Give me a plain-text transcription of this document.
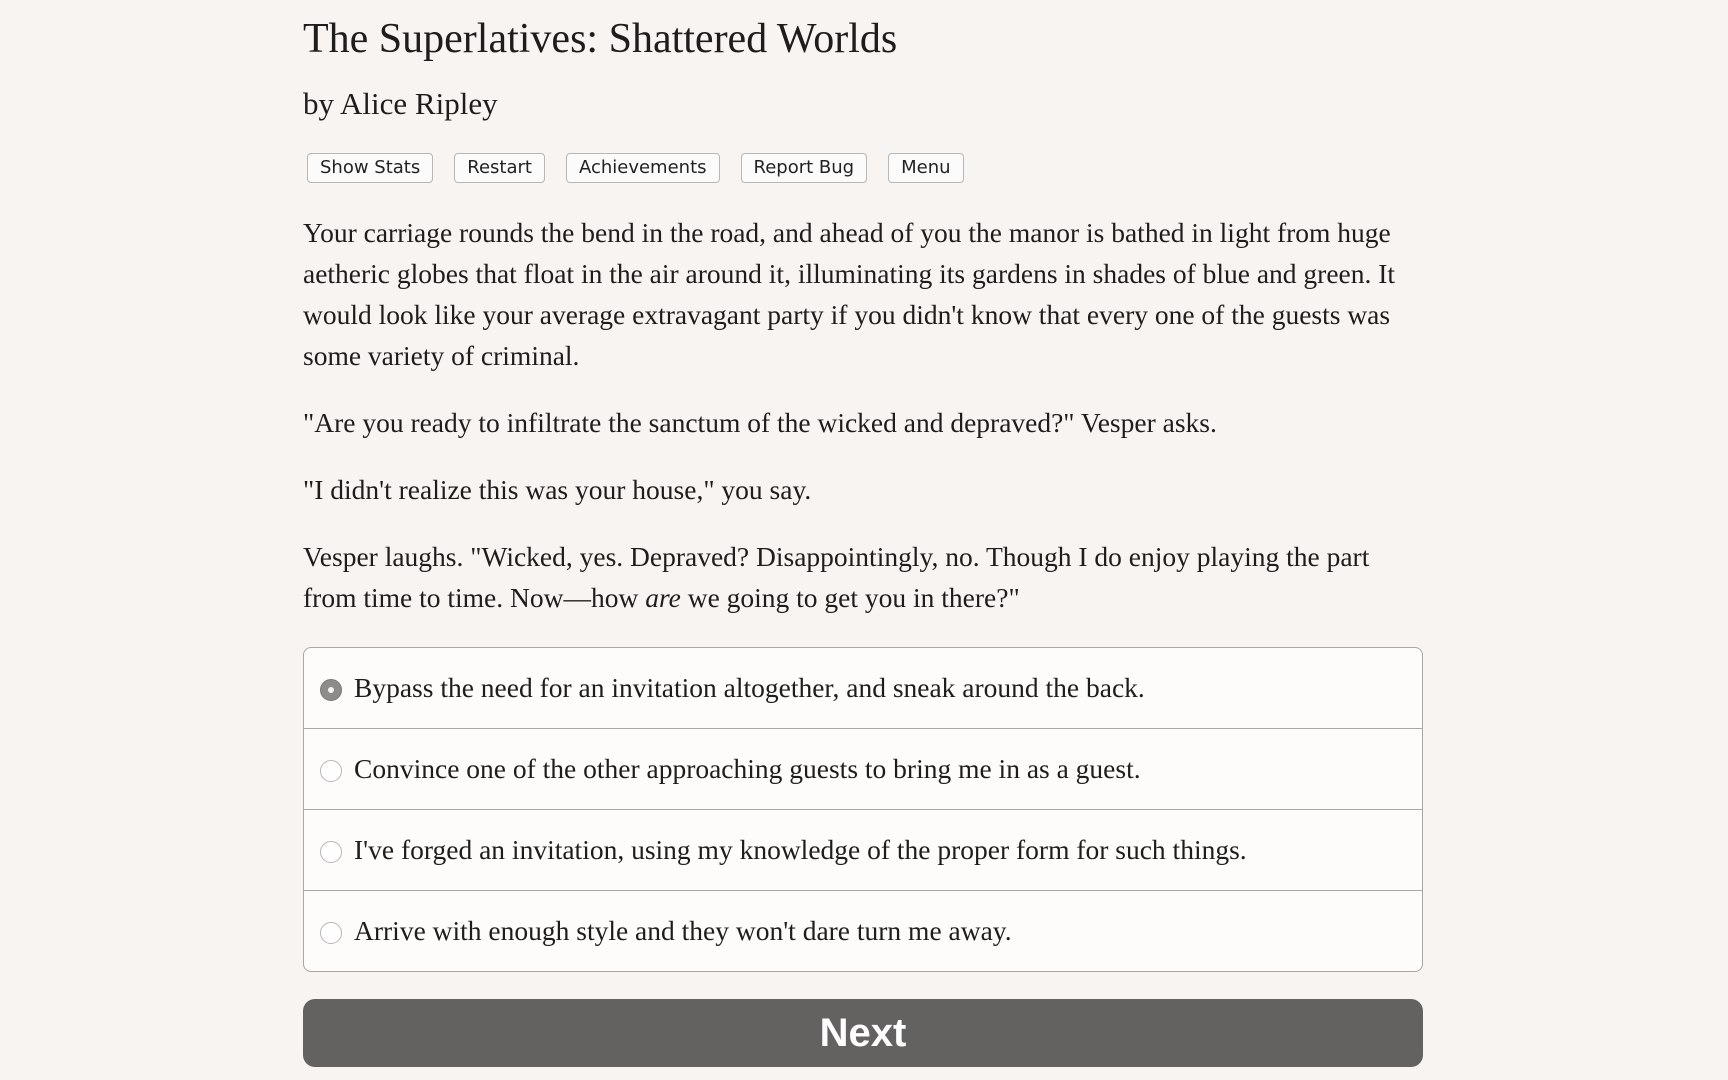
The Superlatives: Shattered Worlds
by Alice Ripley
Show Stats	Restart	Achievements	Report Bug	Menu

Your carriage rounds the bend in the road, and ahead of you the manor is bathed in light from huge aetheric globes that float in the air around it, illuminating its gardens in shades of blue and green. It would look like your average extravagant party if you didn't know that every one of the guests was some variety of criminal.

"Are you ready to infiltrate the sanctum of the wicked and depraved?" Vesper asks.

"I didn't realize this was your house," you say.

Vesper laughs. "Wicked, yes. Depraved? Disappointingly, no. Though I do enjoy playing the part from time to time. Now—how are we going to get you in there?"

Bypass the need for an invitation altogether, and sneak around the back.
Convince one of the other approaching guests to bring me in as a guest.
I've forged an invitation, using my knowledge of the proper form for such things.
Arrive with enough style and they won't dare turn me away.
Next
